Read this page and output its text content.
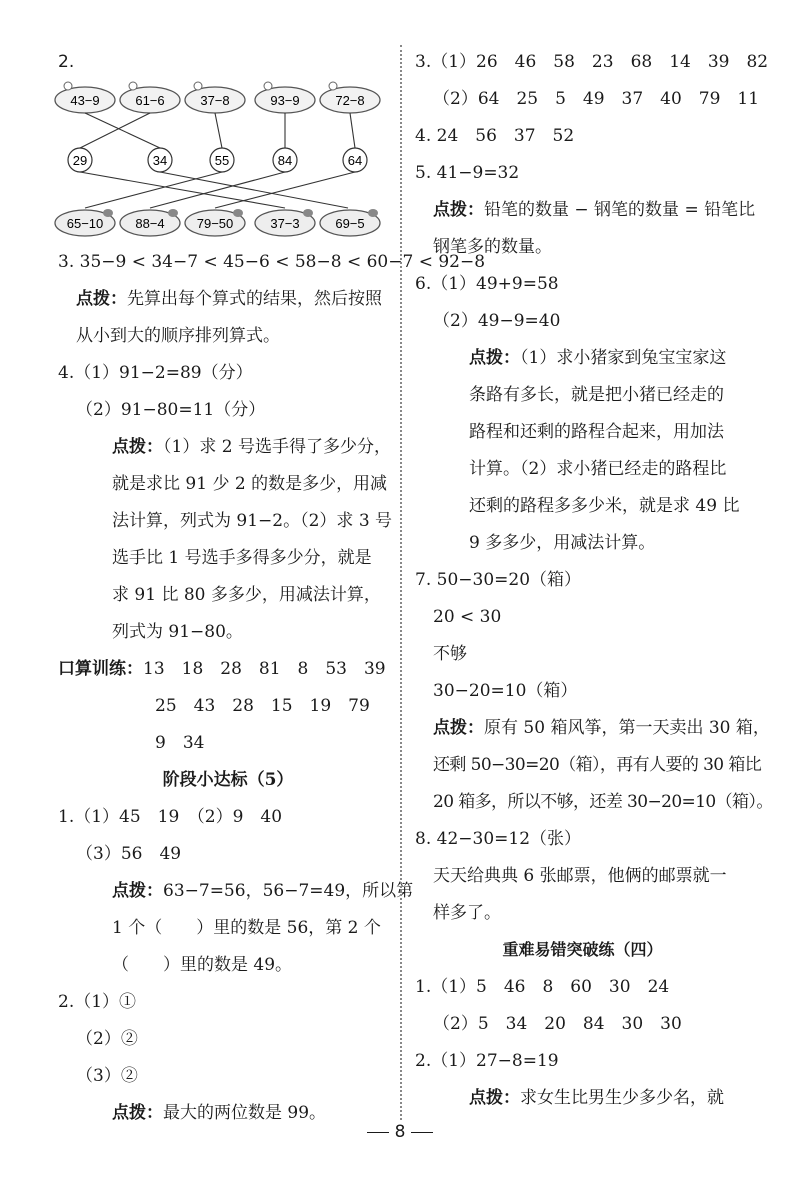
2.
43−9	61−6	37−8	93−9	72−8
29	34	55	84	64
65−10 88−4 79−50	37−3	69−5
3. 35−9 < 34−7 < 45−6 < 58−8 < 60−7 < 92−8
点拨：先算出每个算式的结果，然后按照
从小到大的顺序排列算式。
4.（1）91−2=89（分）
（2）91−80=11（分）
点拨：（1）求 2 号选手得了多少分，
就是求比 91 少 2 的数是多少，用减
法计算，列式为 91−2。（2）求 3 号
选手比 1 号选手多得多少分，就是
求 91 比 80 多多少，用减法计算，
列式为 91−80。
口算训练：13　18　28　81　8　53　39
25　43　28　15　19　79
9　34
阶段小达标（5）
1.（1）45　19　（2）9　40
（3）56　49
点拨：63−7=56，56−7=49，所以第
1 个（　　）里的数是 56，第 2 个
（　　）里的数是 49。
2.（1）①
（2）②
（3）②
点拨：最大的两位数是 99。
3.（1）26　46　58　23　68　14　39　82
（2）64　25　5　49　37　40　79　11
4. 24　56　37　52
5. 41−9=32
点拨：铅笔的数量 − 钢笔的数量 = 铅笔比
钢笔多的数量。
6.（1）49+9=58
（2）49−9=40
点拨：（1）求小猪家到兔宝宝家这
条路有多长，就是把小猪已经走的
路程和还剩的路程合起来，用加法
计算。（2）求小猪已经走的路程比
还剩的路程多多少米，就是求 49 比
9 多多少，用减法计算。
7. 50−30=20（箱）
20 < 30
不够
30−20=10（箱）
点拨：原有 50 箱风筝，第一天卖出 30 箱，
还剩 50−30=20（箱），再有人要的 30 箱比
20 箱多，所以不够，还差 30−20=10（箱）。
8. 42−30=12（张）
天天给典典 6 张邮票，他俩的邮票就一
样多了。
重难易错突破练（四）
1.（1）5　46　8　60　30　24
（2）5　34　20　84　30　30
2.（1）27−8=19
点拨：求女生比男生少多少名，就
8
